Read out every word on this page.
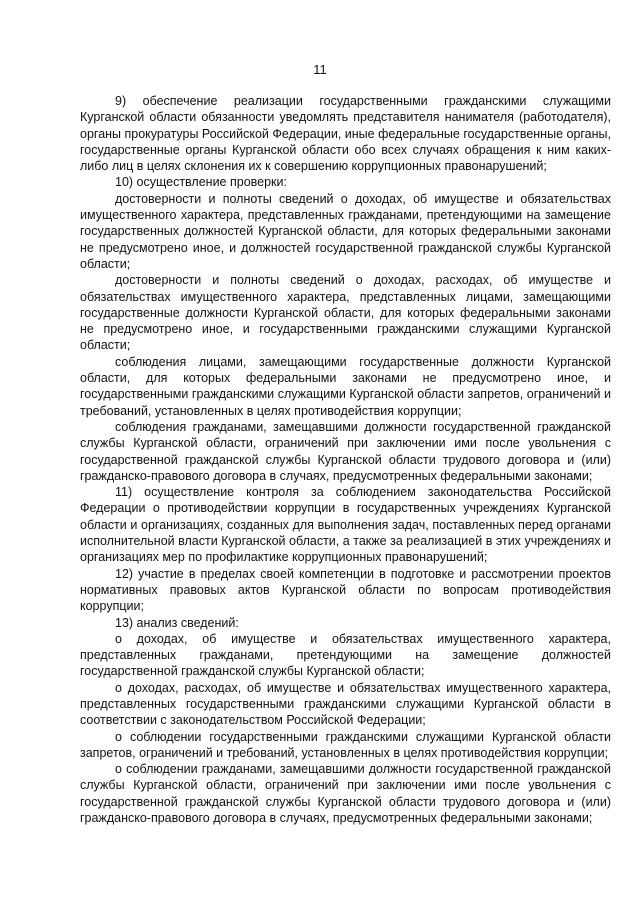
11

9) обеспечение реализации государственными гражданскими служащими Курганской области обязанности уведомлять представителя нанимателя (работодателя), органы прокуратуры Российской Федерации, иные федеральные государственные органы, государственные органы Курганской области обо всех случаях обращения к ним каких-либо лиц в целях склонения их к совершению коррупционных правонарушений;

10) осуществление проверки:

достоверности и полноты сведений о доходах, об имуществе и обязательствах имущественного характера, представленных гражданами, претендующими на замещение государственных должностей Курганской области, для которых федеральными законами не предусмотрено иное, и должностей государственной гражданской службы Курганской области;

достоверности и полноты сведений о доходах, расходах, об имуществе и обязательствах имущественного характера, представленных лицами, замещающими государственные должности Курганской области, для которых федеральными законами не предусмотрено иное, и государственными гражданскими служащими Курганской области;

соблюдения лицами, замещающими государственные должности Курганской области, для которых федеральными законами не предусмотрено иное, и государственными гражданскими служащими Курганской области запретов, ограничений и требований, установленных в целях противодействия коррупции;

соблюдения гражданами, замещавшими должности государственной гражданской службы Курганской области, ограничений при заключении ими после увольнения с государственной гражданской службы Курганской области трудового договора и (или) гражданско-правового договора в случаях, предусмотренных федеральными законами;

11) осуществление контроля за соблюдением законодательства Российской Федерации о противодействии коррупции в государственных учреждениях Курганской области и организациях, созданных для выполнения задач, поставленных перед органами исполнительной власти Курганской области, а также за реализацией в этих учреждениях и организациях мер по профилактике коррупционных правонарушений;

12) участие в пределах своей компетенции в подготовке и рассмотрении проектов нормативных правовых актов Курганской области по вопросам противодействия коррупции;

13) анализ сведений:

о доходах, об имуществе и обязательствах имущественного характера, представленных гражданами, претендующими на замещение должностей государственной гражданской службы Курганской области;

о доходах, расходах, об имуществе и обязательствах имущественного характера, представленных государственными гражданскими служащими Курганской области в соответствии с законодательством Российской Федерации;

о соблюдении государственными гражданскими служащими Курганской области запретов, ограничений и требований, установленных в целях противодействия коррупции;

о соблюдении гражданами, замещавшими должности государственной гражданской службы Курганской области, ограничений при заключении ими после увольнения с государственной гражданской службы Курганской области трудового договора и (или) гражданско-правового договора в случаях, предусмотренных федеральными законами;
